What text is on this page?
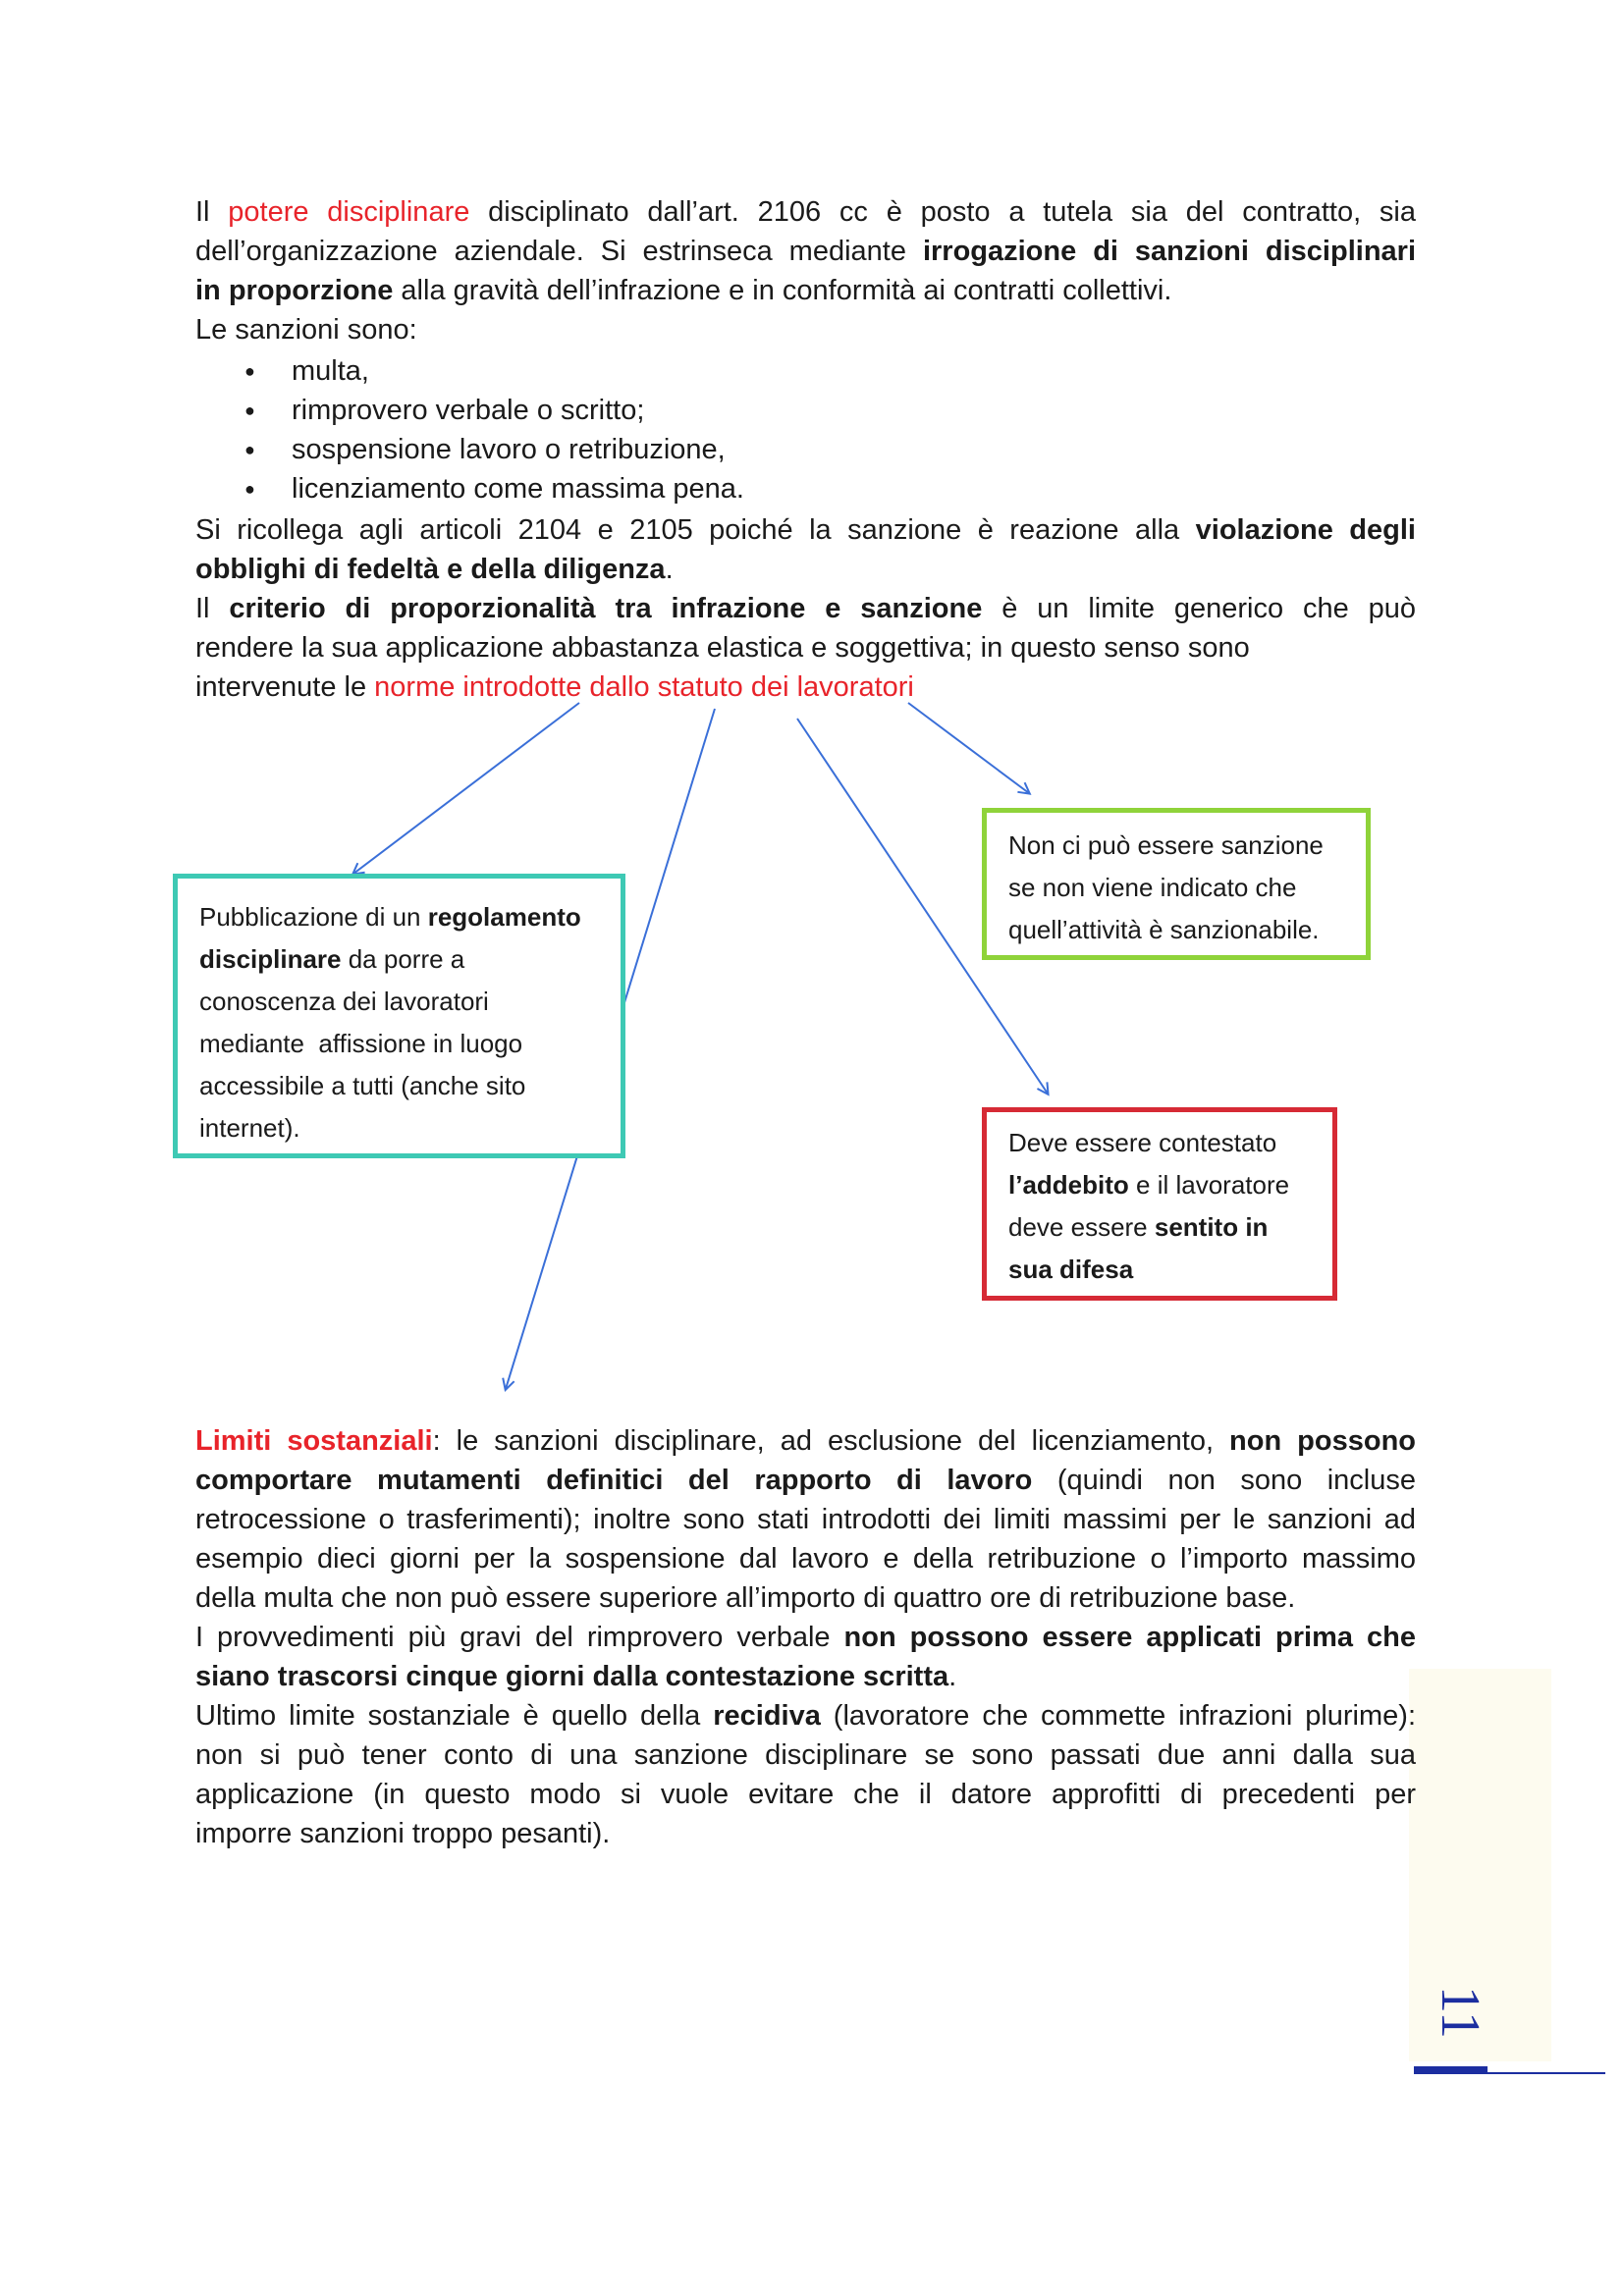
Il potere disciplinare disciplinato dall’art. 2106 cc è posto a tutela sia del contratto, sia

dell’organizzazione aziendale. Si estrinseca mediante irrogazione di sanzioni disciplinari

in proporzione alla gravità dell’infrazione e in conformità ai contratti collettivi.

Le sanzioni sono:

● multa,

● rimprovero verbale o scritto;

● sospensione lavoro o retribuzione,

● licenziamento come massima pena.

Si ricollega agli articoli 2104 e 2105 poiché la sanzione è reazione alla violazione degli

obblighi di fedeltà e della diligenza.

Il criterio di proporzionalità tra infrazione e sanzione è un limite generico che può

rendere la sua applicazione abbastanza elastica e soggettiva; in questo senso sono

intervenute le norme introdotte dallo statuto dei lavoratori

Pubblicazione di un regolamento
disciplinare da porre a
conoscenza dei lavoratori
mediante  affissione in luogo
accessibile a tutti (anche sito
internet).
Non ci può essere sanzione
se non viene indicato che
quell’attività è sanzionabile.
Deve essere contestato
l’addebito e il lavoratore
deve essere sentito in
sua difesa

Limiti sostanziali: le sanzioni disciplinare, ad esclusione del licenziamento, non possono

comportare mutamenti definitici del rapporto di lavoro (quindi non sono incluse

retrocessione o trasferimenti); inoltre sono stati introdotti dei limiti massimi per le sanzioni ad

esempio dieci giorni per la sospensione dal lavoro e della retribuzione o l’importo massimo

della multa che non può essere superiore all’importo di quattro ore di retribuzione base.

I provvedimenti più gravi del rimprovero verbale non possono essere applicati prima che

siano trascorsi cinque giorni dalla contestazione scritta.

Ultimo limite sostanziale è quello della recidiva (lavoratore che commette infrazioni plurime):

non si può tener conto di una sanzione disciplinare se sono passati due anni dalla sua

applicazione (in questo modo si vuole evitare che il datore approfitti di precedenti per

imporre sanzioni troppo pesanti).

11
